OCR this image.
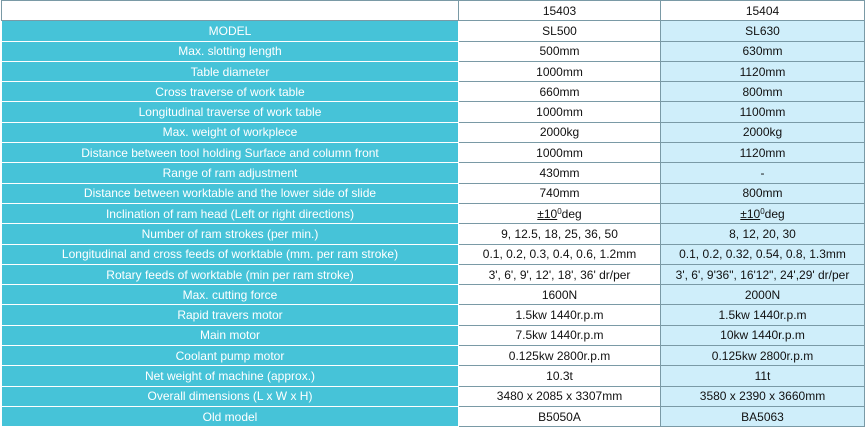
	15403	15404
MODEL	SL500	SL630
Max. slotting length	500mm	630mm
Table diameter	1000mm	1120mm
Cross traverse of work table	660mm	800mm
Longitudinal traverse of work table	1000mm	1100mm
Max. weight of workplece	2000kg	2000kg
Distance between tool holding Surface and column front	1000mm	1120mm
Range of ram adjustment	430mm	-
Distance between worktable and the lower side of slide	740mm	800mm
Inclination of ram head (Left or right directions)	$\pm 10^0deg$	$\pm 10^0deg$
Number of ram strokes (per min.)	9, 12.5, 18, 25, 36, 50	8, 12, 20, 30
Longitudinal and cross feeds of worktable (mm. per ram stroke)	0.1, 0.2, 0.3, 0.4, 0.6, 1.2mm	0.1, 0.2, 0.32, 0.54, 0.8, 1.3mm
Rotary feeds of worktable (min per ram stroke)	3', 6', 9', 12', 18', 36' dr/per	3', 6', 9'36", 16'12", 24',29' dr/per
Max. cutting force	1600N	2000N
Rapid travers motor	1.5kw 1440r.p.m	1.5kw 1440r.p.m
Main motor	7.5kw 1440r.p.m	10kw 1440r.p.m
Coolant pump motor	0.125kw 2800r.p.m	0.125kw 2800r.p.m
Net weight of machine (approx.)	10.3t	11t
Overall dimensions (L x W x H)	3480 x 2085 x 3307mm	3580 x 2390 x 3660mm
Old model	B5050A	BA5063
